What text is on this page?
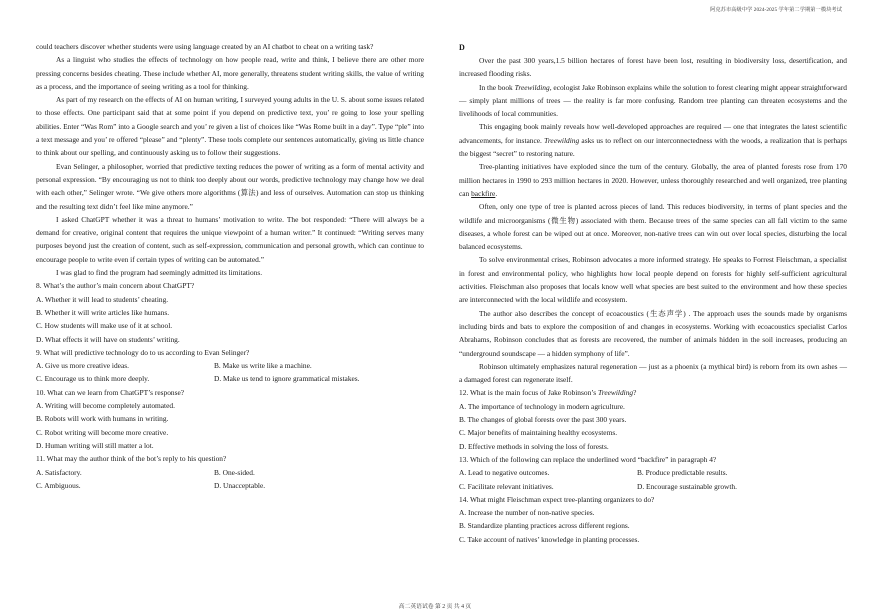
阿克苏市高级中学 2024-2025 学年第二学期第一模块考试

could teachers discover whether students were using language created by an AI chatbot to cheat on a writing task?

As a linguist who studies the effects of technology on how people read, write and think, I believe there are other more pressing concerns besides cheating. These include whether AI, more generally, threatens student writing skills, the value of writing as a process, and the importance of seeing writing as a tool for thinking.

As part of my research on the effects of AI on human writing, I surveyed young adults in the U. S. about some issues related to those effects. One participant said that at some point if you depend on predictive text, you’ re going to lose your spelling abilities. Enter “Was Rom” into a Google search and you’ re given a list of choices like “Was Rome built in a day”. Type “ple” into a text message and you’ re offered “please” and “plenty”. These tools complete our sentences automatically, giving us little chance to think about our spelling, and continuously asking us to follow their suggestions.

Evan Selinger, a philosopher, worried that predictive texting reduces the power of writing as a form of mental activity and personal expression. “By encouraging us not to think too deeply about our words, predictive technology may change how we deal with each other,” Selinger wrote. “We give others more algorithms (算法) and less of ourselves. Automation can stop us thinking and the resulting text didn’t feel like mine anymore.”

I asked ChatGPT whether it was a threat to humans’ motivation to write. The bot responded: “There will always be a demand for creative, original content that requires the unique viewpoint of a human writer.” It continued: “Writing serves many purposes beyond just the creation of content, such as self-expression, communication and personal growth, which can continue to encourage people to write even if certain types of writing can be automated.”

I was glad to find the program had seemingly admitted its limitations.

8. What’s the author’s main concern about ChatGPT?

A. Whether it will lead to students’ cheating.

B. Whether it will write articles like humans.

C. How students will make use of it at school.

D. What effects it will have on students’ writing.

9. What will predictive technology do to us according to Evan Selinger?

A. Give us more creative ideas.	B. Make us write like a machine.
C. Encourage us to think more deeply.	D. Make us tend to ignore grammatical mistakes.

10. What can we learn from ChatGPT’s response?

A. Writing will become completely automated.

B. Robots will work with humans in writing.

C. Robot writing will become more creative.

D. Human writing will still matter a lot.

11. What may the author think of the bot’s reply to his question?

A. Satisfactory.	B. One-sided.
C. Ambiguous.	D. Unacceptable.

D

Over the past 300 years,1.5 billion hectares of forest have been lost, resulting in biodiversity loss, desertification, and increased flooding risks.

In the book Treewilding, ecologist Jake Robinson explains while the solution to forest clearing might appear straightforward — simply plant millions of trees — the reality is far more confusing. Random tree planting can threaten ecosystems and the livelihoods of local communities.

This engaging book mainly reveals how well-developed approaches are required — one that integrates the latest scientific advancements, for instance. Treewilding asks us to reflect on our interconnectedness with the woods, a realization that is perhaps the biggest “secret” to restoring nature.

Tree-planting initiatives have exploded since the turn of the century. Globally, the area of planted forests rose from 170 million hectares in 1990 to 293 million hectares in 2020. However, unless thoroughly researched and well organized, tree planting can backfire.

Often, only one type of tree is planted across pieces of land. This reduces biodiversity, in terms of plant species and the wildlife and microorganisms (微生物) associated with them. Because trees of the same species can all fall victim to the same diseases, a whole forest can be wiped out at once. Moreover, non-native trees can win out over local species, disturbing the local balanced ecosystems.

To solve environmental crises, Robinson advocates a more informed strategy. He speaks to Forrest Fleischman, a specialist in forest and environmental policy, who highlights how local people depend on forests for highly self-sufficient agricultural activities. Fleischman also proposes that locals know well what species are best suited to the environment and how these species are interconnected with the local wildlife and ecosystem.

The author also describes the concept of ecoacoustics (生态声学) . The approach uses the sounds made by organisms including birds and bats to explore the composition of and changes in ecosystems. Working with ecoacoustics specialist Carlos Abrahams, Robinson concludes that as forests are recovered, the number of animals hidden in the soil increases, producing an “underground soundscape — a hidden symphony of life”.

Robinson ultimately emphasizes natural regeneration — just as a phoenix (a mythical bird) is reborn from its own ashes — a damaged forest can regenerate itself.

12. What is the main focus of Jake Robinson’s Treewilding?

A. The importance of technology in modern agriculture.

B. The changes of global forests over the past 300 years.

C. Major benefits of maintaining healthy ecosystems.

D. Effective methods in solving the loss of forests.

13. Which of the following can replace the underlined word “backfire” in paragraph 4?

A. Lead to negative outcomes.	B. Produce predictable results.
C. Facilitate relevant initiatives.	D. Encourage sustainable growth.

14. What might Fleischman expect tree-planting organizers to do?

A. Increase the number of non-native species.

B. Standardize planting practices across different regions.

C. Take account of natives’ knowledge in planting processes.

高二英语试卷 第 2 页 共 4 页
